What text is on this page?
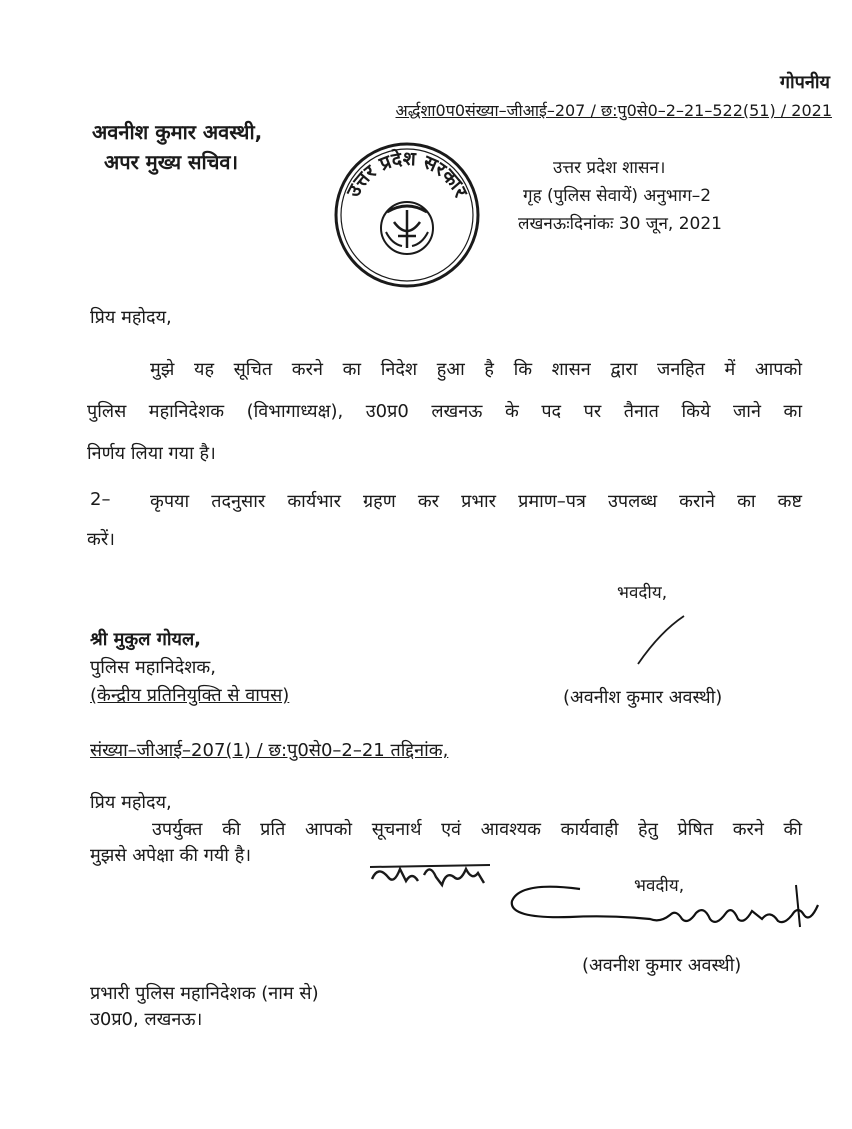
गोपनीय
अर्द्धशा0प0संख्या–जीआई–207 / छ:पु0से0–2–21–522(51) / 2021
अवनीश कुमार अवस्थी,
अपर मुख्य सचिव।
उत्तर प्रदेश सरकार
उत्तर प्रदेश शासन।
गृह (पुलिस सेवायें) अनुभाग–2
लखनऊःदिनांकः 30 जून, 2021
प्रिय महोदय,
मुझे यह सूचित करने का निदेश हुआ है कि शासन द्वारा जनहित में आपको
पुलिस महानिदेशक (विभागाध्यक्ष), उ0प्र0 लखनऊ के पद पर तैनात किये जाने का
निर्णय लिया गया है।
2– कृपया तदनुसार कार्यभार ग्रहण कर प्रभार प्रमाण–पत्र उपलब्ध कराने का कष्ट
करें।
भवदीय,
श्री मुकुल गोयल,
पुलिस महानिदेशक,
(केन्द्रीय प्रतिनियुक्ति से वापस)	(अवनीश कुमार अवस्थी)
संख्या–जीआई–207(1) / छ:पु0से0–2–21 तद्दिनांक,
प्रिय महोदय,
उपर्युक्त की प्रति आपको सूचनार्थ एवं आवश्यक कार्यवाही हेतु प्रेषित करने की
मुझसे अपेक्षा की गयी है।
भवदीय,
(अवनीश कुमार अवस्थी)
प्रभारी पुलिस महानिदेशक (नाम से)
उ0प्र0, लखनऊ।
